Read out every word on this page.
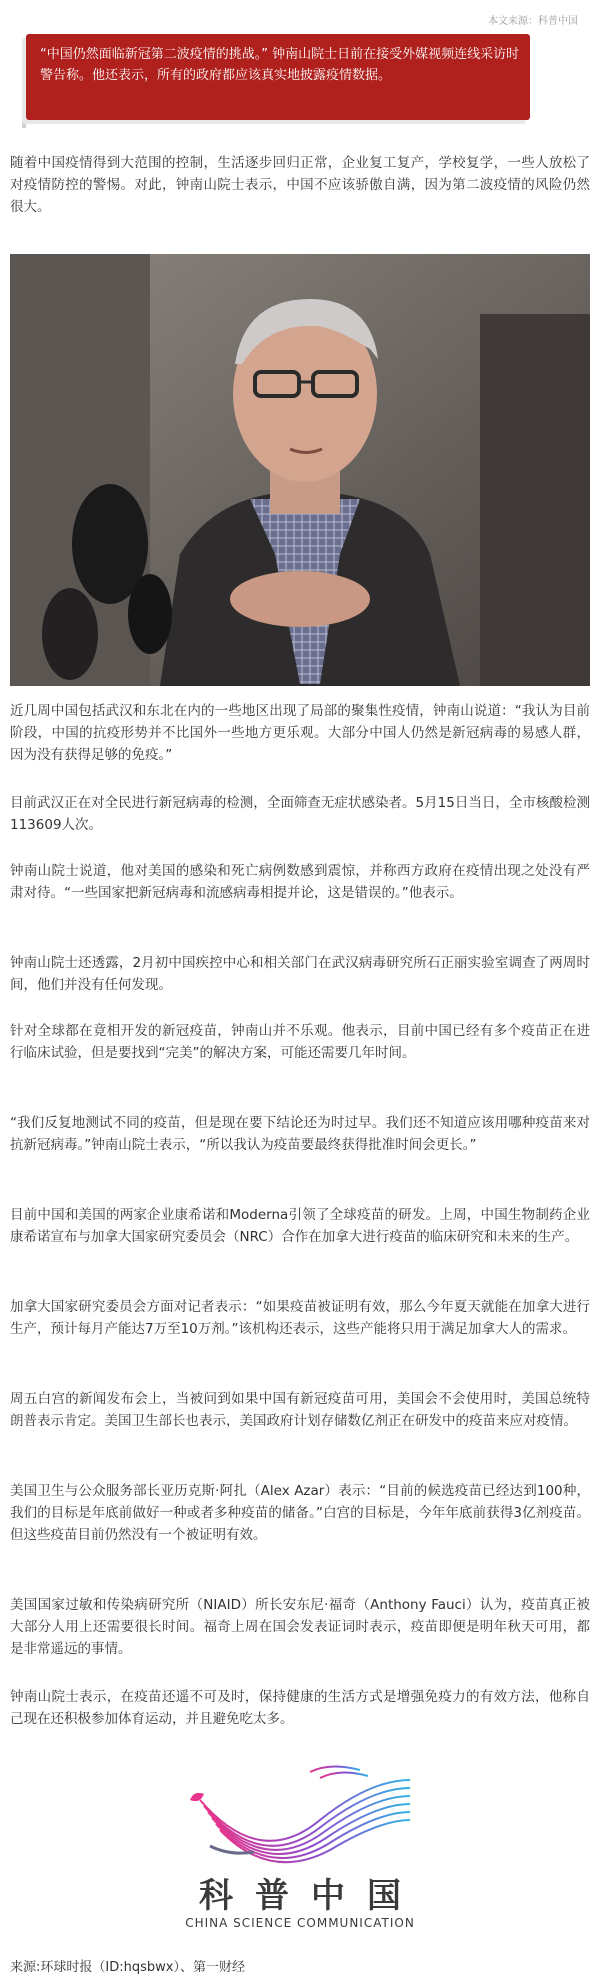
本文来源：科普中国

“中国仍然面临新冠第二波疫情的挑战。” 钟南山院士日前在接受外媒视频连线采访时警告称。他还表示，所有的政府都应该真实地披露疫情数据。

随着中国疫情得到大范围的控制，生活逐步回归正常，企业复工复产，学校复学，一些人放松了对疫情防控的警惕。对此，钟南山院士表示，中国不应该骄傲自满，因为第二波疫情的风险仍然很大。

近几周中国包括武汉和东北在内的一些地区出现了局部的聚集性疫情，钟南山说道：“我认为目前阶段，中国的抗疫形势并不比国外一些地方更乐观。大部分中国人仍然是新冠病毒的易感人群，因为没有获得足够的免疫。”

目前武汉正在对全民进行新冠病毒的检测，全面筛查无症状感染者。5月15日当日，全市核酸检测113609人次。

钟南山院士说道，他对美国的感染和死亡病例数感到震惊，并称西方政府在疫情出现之处没有严肃对待。“一些国家把新冠病毒和流感病毒相提并论，这是错误的。”他表示。

钟南山院士还透露，2月初中国疾控中心和相关部门在武汉病毒研究所石正丽实验室调查了两周时间，他们并没有任何发现。

针对全球都在竟相开发的新冠疫苗，钟南山并不乐观。他表示，目前中国已经有多个疫苗正在进行临床试验，但是要找到“完美”的解决方案，可能还需要几年时间。

“我们反复地测试不同的疫苗，但是现在要下结论还为时过早。我们还不知道应该用哪种疫苗来对抗新冠病毒。”钟南山院士表示，“所以我认为疫苗要最终获得批准时间会更长。”

目前中国和美国的两家企业康希诺和Moderna引领了全球疫苗的研发。上周，中国生物制药企业康希诺宣布与加拿大国家研究委员会（NRC）合作在加拿大进行疫苗的临床研究和未来的生产。

加拿大国家研究委员会方面对记者表示：“如果疫苗被证明有效，那么今年夏天就能在加拿大进行生产，预计每月产能达7万至10万剂。”该机构还表示，这些产能将只用于满足加拿大人的需求。

周五白宫的新闻发布会上，当被问到如果中国有新冠疫苗可用，美国会不会使用时，美国总统特朗普表示肯定。美国卫生部长也表示，美国政府计划存储数亿剂正在研发中的疫苗来应对疫情。

美国卫生与公众服务部长亚历克斯·阿扎（Alex Azar）表示：“目前的候选疫苗已经达到100种，我们的目标是年底前做好一种或者多种疫苗的储备。”白宫的目标是，今年年底前获得3亿剂疫苗。但这些疫苗目前仍然没有一个被证明有效。

美国国家过敏和传染病研究所（NIAID）所长安东尼·福奇（Anthony Fauci）认为，疫苗真正被大部分人用上还需要很长时间。福奇上周在国会发表证词时表示，疫苗即便是明年秋天可用，都是非常遥远的事情。

钟南山院士表示，在疫苗还遥不可及时，保持健康的生活方式是增强免疫力的有效方法，他称自己现在还积极参加体育运动，并且避免吃太多。

科普中国
CHINA SCIENCE COMMUNICATION
来源:环球时报（ID:hqsbwx）、第一财经
